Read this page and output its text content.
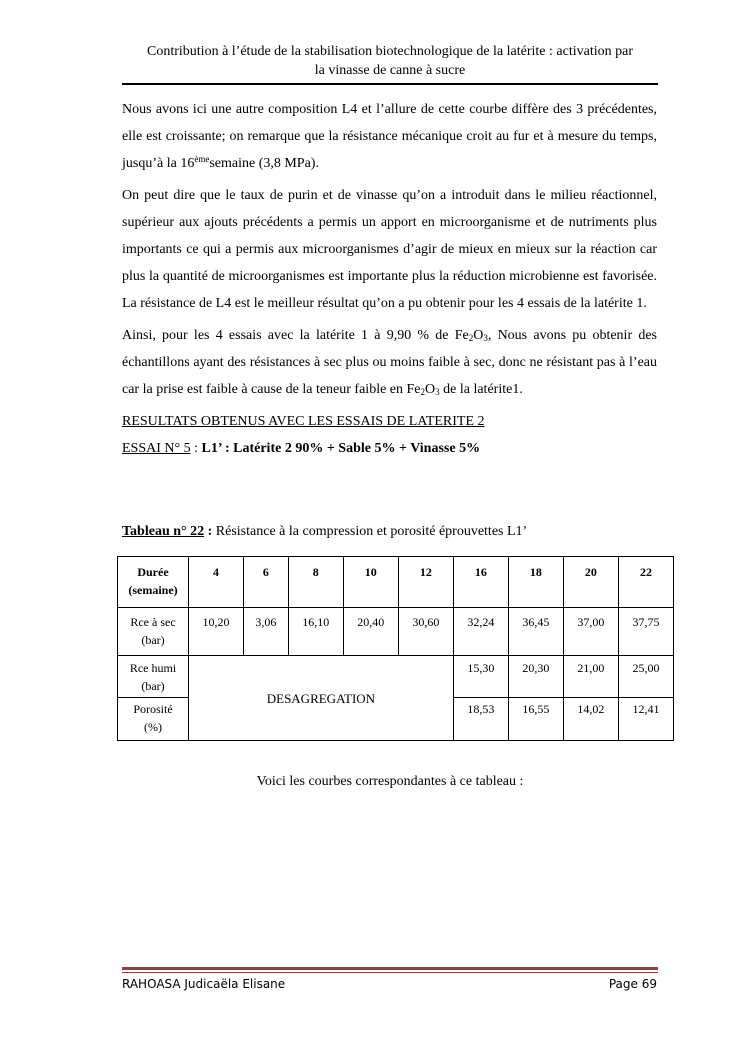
Contribution à l’étude de la stabilisation biotechnologique de la latérite : activation par
la vinasse de canne à sucre

Nous avons ici une autre composition L4 et l’allure de cette courbe diffère des 3 précédentes, elle est croissante; on remarque que la résistance mécanique croit au fur et à mesure du temps, jusqu’à la 16èmesemaine (3,8 MPa).

On peut dire que le taux de purin et de vinasse qu’on a introduit dans le milieu réactionnel, supérieur aux ajouts précédents a permis un apport en microorganisme et de nutriments plus importants ce qui a permis aux microorganismes d’agir de mieux en mieux sur la réaction car plus la quantité de microorganismes est importante plus la réduction microbienne est favorisée. La résistance de L4 est le meilleur résultat qu’on a pu obtenir pour les 4 essais de la latérite 1.

Ainsi, pour les 4 essais avec la latérite 1 à 9,90 % de $Fe_2O_3$, Nous avons pu obtenir des échantillons ayant des résistances à sec plus ou moins faible à sec, donc ne résistant pas à l’eau car la prise est faible à cause de la teneur faible en $Fe_2O_3$ de la latérite1.

RESULTATS OBTENUS AVEC LES ESSAIS DE LATERITE 2
ESSAI N° 5 : L1’ : Latérite 2 90% + Sable 5% + Vinasse 5%
Tableau n° 22 : Résistance à la compression et porosité éprouvettes L1’
Durée
(semaine)	4	6	8	10	12	16	18	20	22
Rce à sec
(bar)	10,20	3,06	16,10	20,40	30,60	32,24	36,45	37,00	37,75
Rce humi
(bar)	DESAGREGATION					15,30	20,30	21,00	25,00
Porosité
(%)						18,53	16,55	14,02	12,41
Voici les courbes correspondantes à ce tableau :
RAHOASA Judicaëla Elisane	Page 69
